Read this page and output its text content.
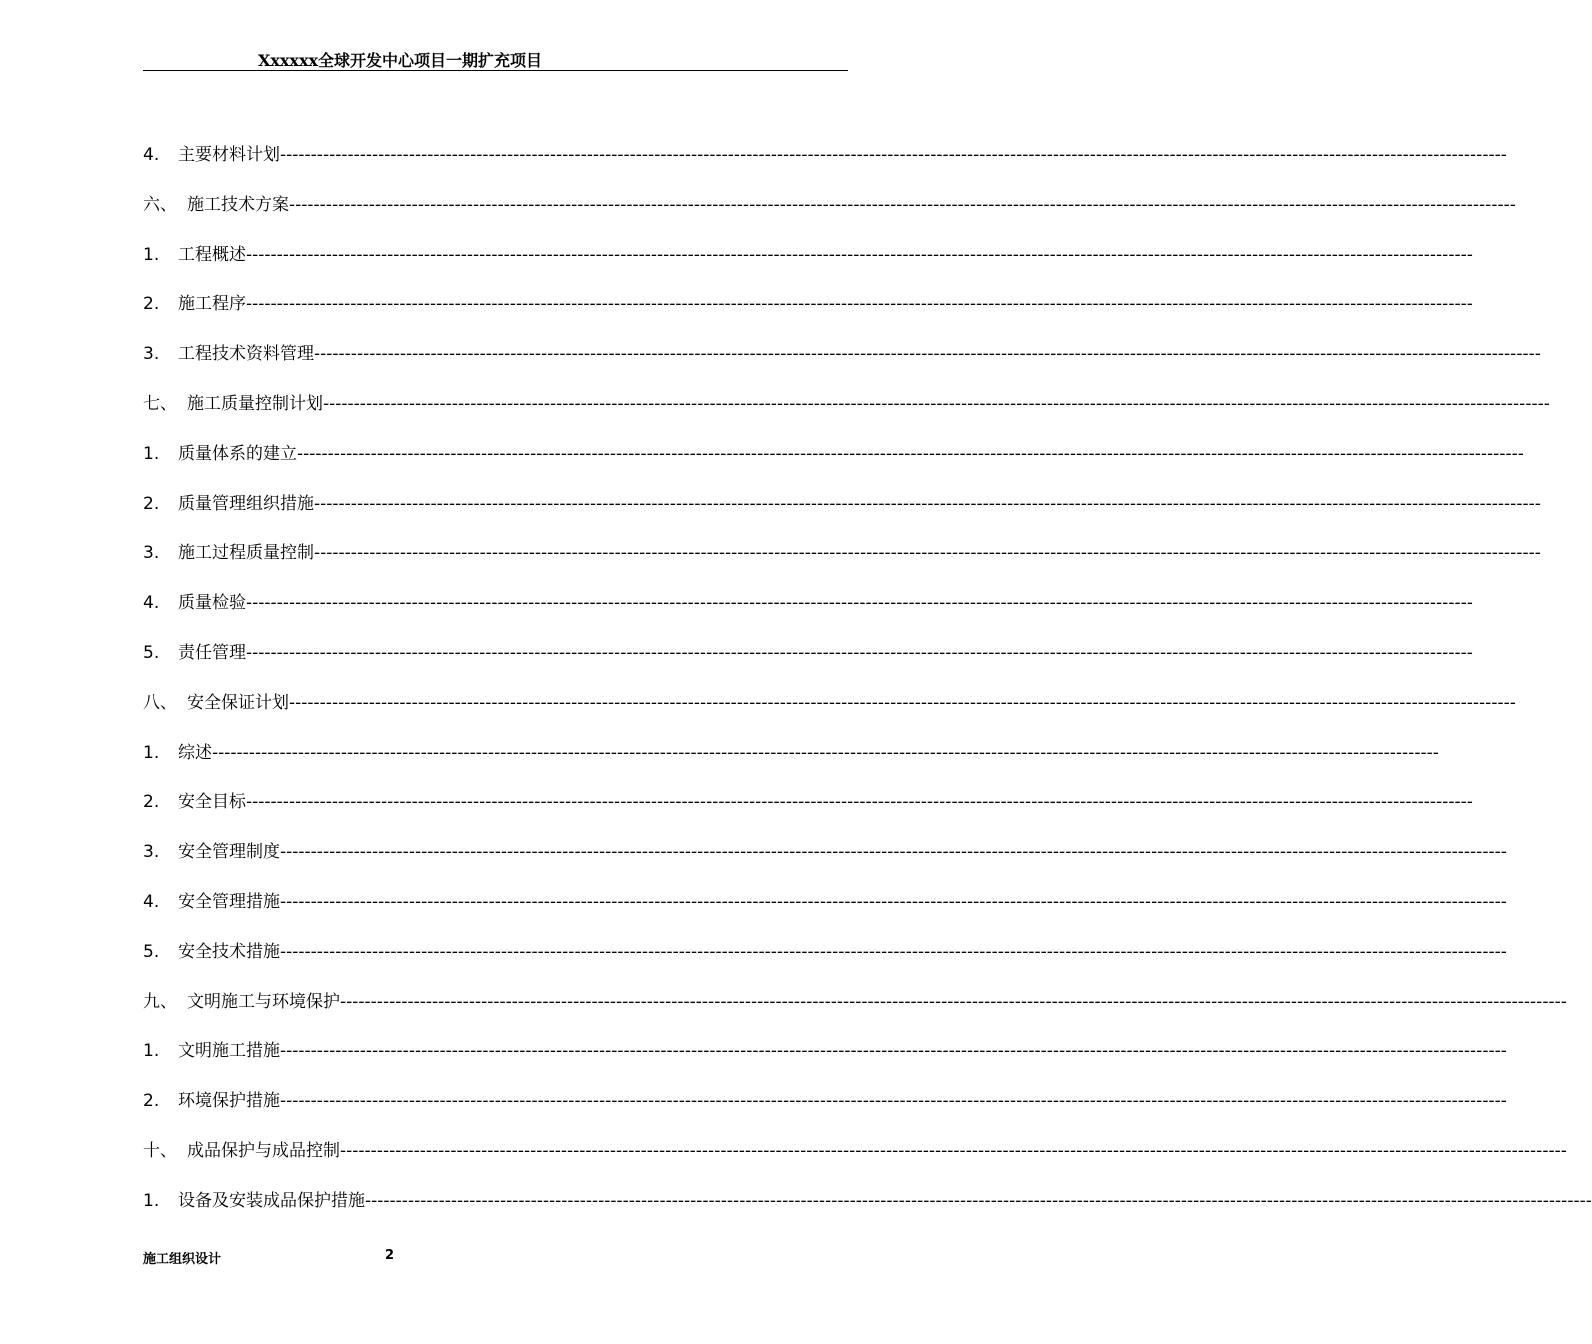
Xxxxxx全球开发中心项目一期扩充项目
4. 主要材料计划--------------------------------------------------------------------------------------------------------------------------------------------------------------------------------------------------------
六、 施工技术方案--------------------------------------------------------------------------------------------------------------------------------------------------------------------------------------------------------
1. 工程概述--------------------------------------------------------------------------------------------------------------------------------------------------------------------------------------------------------
2. 施工程序--------------------------------------------------------------------------------------------------------------------------------------------------------------------------------------------------------
3. 工程技术资料管理--------------------------------------------------------------------------------------------------------------------------------------------------------------------------------------------------------
七、 施工质量控制计划--------------------------------------------------------------------------------------------------------------------------------------------------------------------------------------------------------
1. 质量体系的建立--------------------------------------------------------------------------------------------------------------------------------------------------------------------------------------------------------
2. 质量管理组织措施--------------------------------------------------------------------------------------------------------------------------------------------------------------------------------------------------------
3. 施工过程质量控制--------------------------------------------------------------------------------------------------------------------------------------------------------------------------------------------------------
4. 质量检验--------------------------------------------------------------------------------------------------------------------------------------------------------------------------------------------------------
5. 责任管理--------------------------------------------------------------------------------------------------------------------------------------------------------------------------------------------------------
八、 安全保证计划--------------------------------------------------------------------------------------------------------------------------------------------------------------------------------------------------------
1. 综述--------------------------------------------------------------------------------------------------------------------------------------------------------------------------------------------------------
2. 安全目标--------------------------------------------------------------------------------------------------------------------------------------------------------------------------------------------------------
3. 安全管理制度--------------------------------------------------------------------------------------------------------------------------------------------------------------------------------------------------------
4. 安全管理措施--------------------------------------------------------------------------------------------------------------------------------------------------------------------------------------------------------
5. 安全技术措施--------------------------------------------------------------------------------------------------------------------------------------------------------------------------------------------------------
九、 文明施工与环境保护--------------------------------------------------------------------------------------------------------------------------------------------------------------------------------------------------------
1. 文明施工措施--------------------------------------------------------------------------------------------------------------------------------------------------------------------------------------------------------
2. 环境保护措施--------------------------------------------------------------------------------------------------------------------------------------------------------------------------------------------------------
十、 成品保护与成品控制--------------------------------------------------------------------------------------------------------------------------------------------------------------------------------------------------------
1. 设备及安装成品保护措施--------------------------------------------------------------------------------------------------------------------------------------------------------------------------------------------------------
施工组织设计	2
